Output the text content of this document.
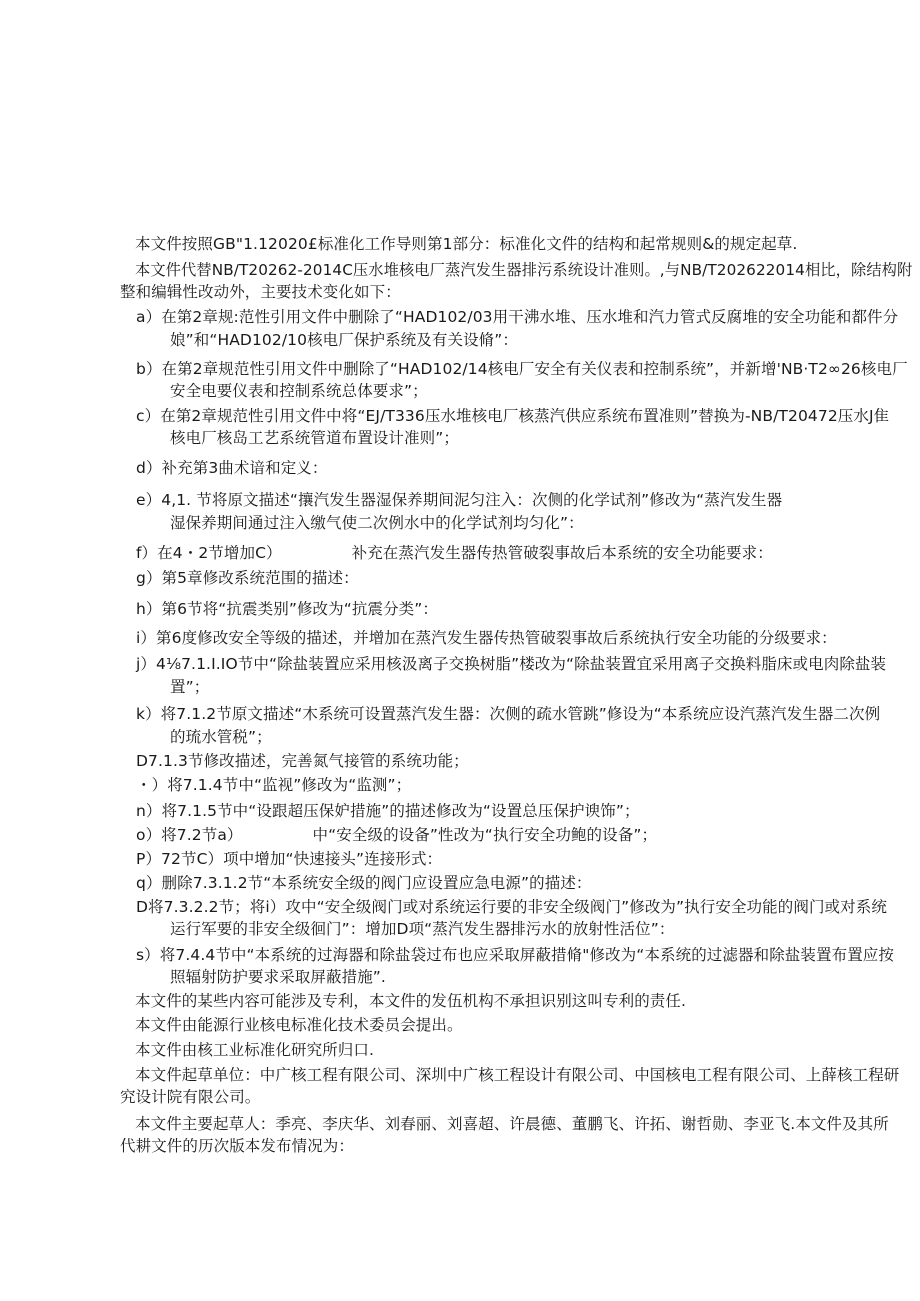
本文件按照GB"1.12020£标准化工作导则第1部分：标准化文件的结构和起常规则&的规定起草.
本文件代替NB/T20262-2014C压水堆核电厂蒸汽发生器排污系统设计准则。,与NB/T202622014相比，除结构附
整和编辑性改动外，主要技术变化如下：
a）在第2章规:范性引用文件中删除了“HAD102/03用干沸水堆、压水堆和汽力管式反腐堆的安全功能和都件分
娘”和“HAD102/10核电厂保护系统及有关设脩”：
b）在第2章规范性引用文件中删除了“HAD102/14核电厂安全有关仪表和控制系统”，并新增'NB·T2∞26核电厂
安全电要仪表和控制系统总体要求”；
c）在第2章规范性引用文件中将“EJ/T336压水堆核电厂核蒸汽供应系统布置准则”替换为-NB/T20472压水J隹
核电厂核岛工艺系统管道布置设计准则”；
d）补充第3曲术谙和定义：
e）4,1. 节将原文描述“攘汽发生器湿保养期间泥匀注入：次侧的化学试剂”修改为“蒸汽发生器
湿保养期间通过注入缴气使二次例水中的化学试剂均匀化”：
f）在4・2节增加C）	补充在蒸汽发生器传热管破裂事故后本系统的安全功能要求：
g）第5章修改系统范围的描述：
h）第6节将“抗震类别”修改为“抗震分类”：
i）第6度修改安全等级的描述，并增加在蒸汽发生器传热管破裂事故后系统执行安全功能的分级要求：
j）4⅛7.1.I.IO节中“除盐装置应采用核汲离子交换树脂”楼改为“除盐装置宜采用离子交换料脂床或电肉除盐装
置”；
k）将7.1.2节原文描述“木系统可设置蒸汽发生器：次侧的疏水管跳”修设为“本系统应设汽蒸汽发生器二次例
的琉水管税”；
D7.1.3节修改描述，完善氮气接管的系统功能；
・）将7.1.4节中“监视”修改为“监测”；
n）将7.1.5节中“设跟超压保妒措施”的描述修改为“设置总压保护谀饰”；
o）将7.2节a）	中“安全级的设备”性改为“执行安全功鲍的设备”；
P）72节C）项中增加“快速接头”连接形式：
q）删除7.3.1.2节“本系统安全级的阀门应设置应急电源”的描述：
D将7.3.2.2节；将i）攻中“安全级阀门或对系统运行要的非安全级阀门”修改为”执行安全功能的阀门或对系统
运行军要的非安全级徊门”：增加D项“蒸汽发生器排污水的放射性活位”：
s）将7.4.4节中“本系统的过海器和除盐袋过布也应采取屏蔽措脩"修改为“本系统的过滤器和除盐装置布置应按
照辐射防护要求采取屏蔽措施”.
本文件的某些内容可能涉及专利，本文件的发伍机构不承担识别这叫专利的责任.
本文件由能源行业核电标准化技术委员会提出。
本文件由核工业标准化研究所归口.
本文件起草单位：中广核工程有限公司、深圳中广核工程设计有限公司、中国核电工程有限公司、上薛核工程研
究设计院有限公司。
本文件主要起草人：季亮、李庆华、刘春丽、刘喜超、许晨德、董鹏飞、许拓、谢哲勋、李亚飞.本文件及其所
代耕文件的历次版本发布情况为：
